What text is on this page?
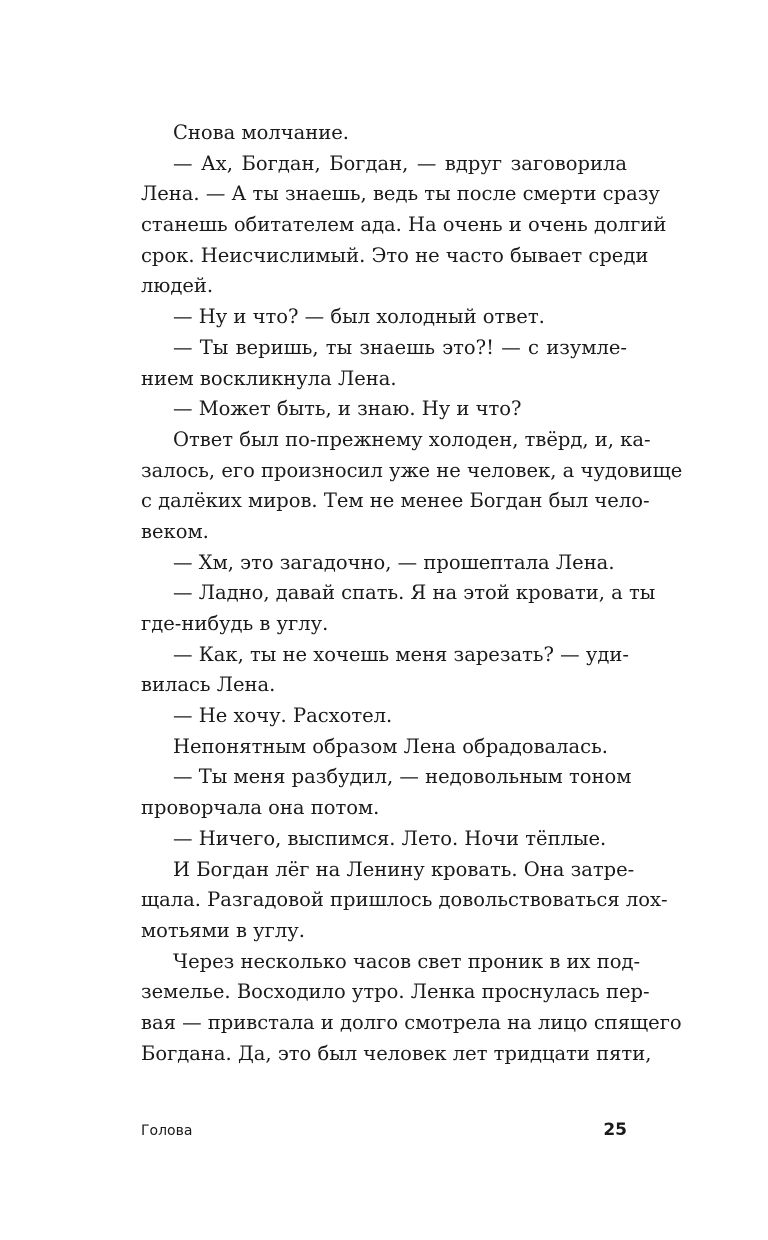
Снова молчание.
— Ах, Богдан, Богдан, — вдруг заговорила
Лена. — А ты знаешь, ведь ты после смерти сразу
станешь обитателем ада. На очень и очень долгий
срок. Неисчислимый. Это не часто бывает среди
людей.
— Ну и что? — был холодный ответ.
— Ты веришь, ты знаешь это?! — с изумле-
нием воскликнула Лена.
— Может быть, и знаю. Ну и что?
Ответ был по-прежнему холоден, твёрд, и, ка-
залось, его произносил уже не человек, а чудовище
с далёких миров. Тем не менее Богдан был чело-
веком.
— Хм, это загадочно, — прошептала Лена.
— Ладно, давай спать. Я на этой кровати, а ты
где-нибудь в углу.
— Как, ты не хочешь меня зарезать? — уди-
вилась Лена.
— Не хочу. Расхотел.
Непонятным образом Лена обрадовалась.
— Ты меня разбудил, — недовольным тоном
проворчала она потом.
— Ничего, выспимся. Лето. Ночи тёплые.
И Богдан лёг на Ленину кровать. Она затре-
щала. Разгадовой пришлось довольствоваться лох-
мотьями в углу.
Через несколько часов свет проник в их под-
земелье. Восходило утро. Ленка проснулась пер-
вая — привстала и долго смотрела на лицо спящего
Богдана. Да, это был человек лет тридцати пяти,
Голова	25
